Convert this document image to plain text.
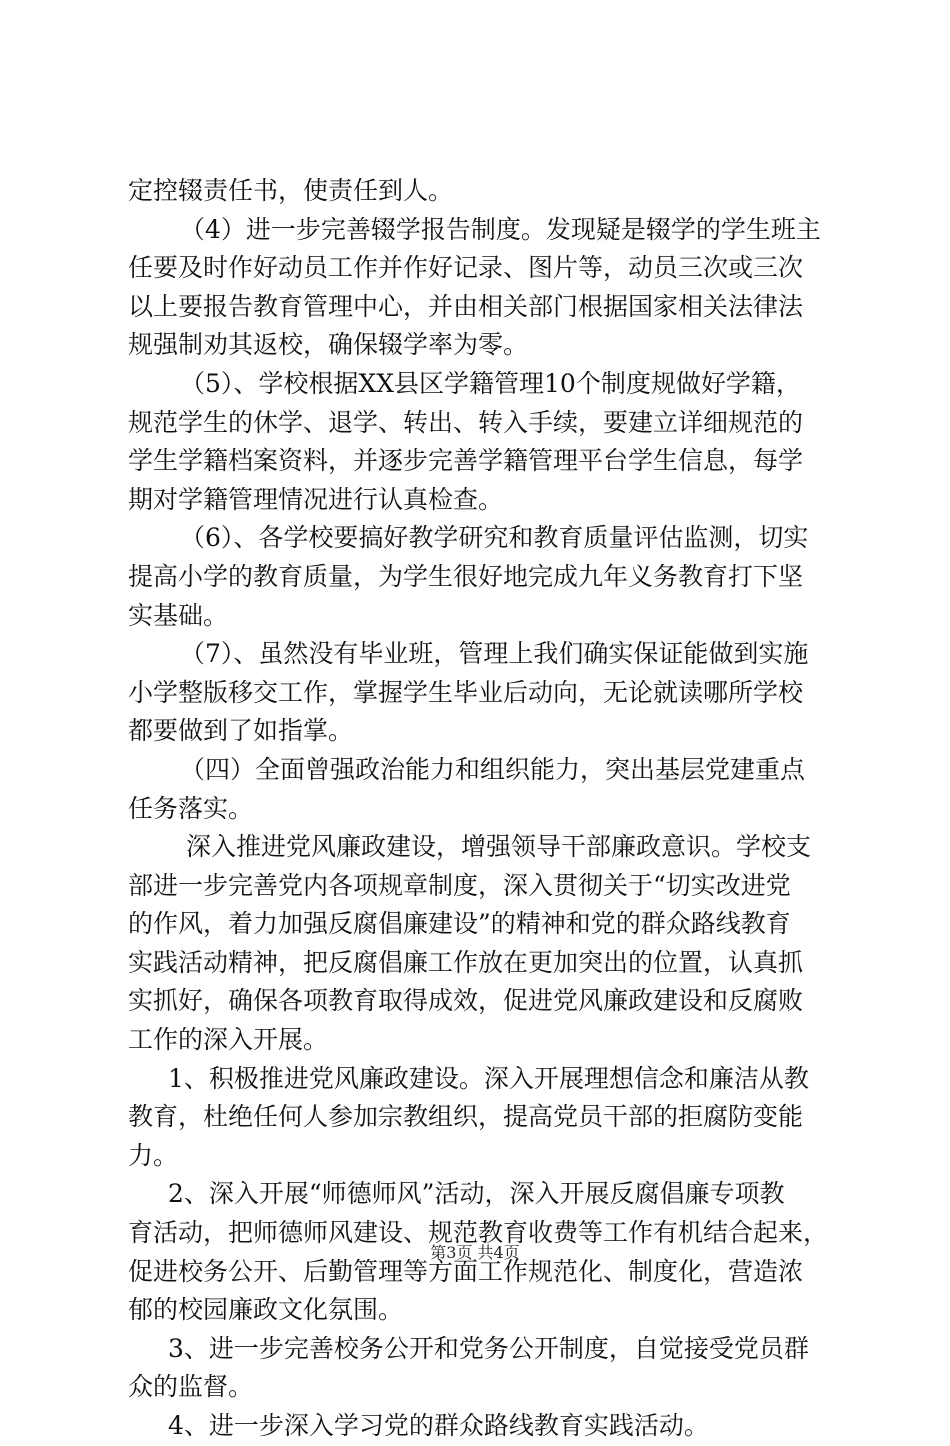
定控辍责任书，使责任到人。
（4）进一步完善辍学报告制度。发现疑是辍学的学生班主
任要及时作好动员工作并作好记录、图片等，动员三次或三次
以上要报告教育管理中心，并由相关部门根据国家相关法律法
规强制劝其返校，确保辍学率为零。
（5）、学校根据XX县区学籍管理10个制度规做好学籍，
规范学生的休学、退学、转出、转入手续，要建立详细规范的
学生学籍档案资料，并逐步完善学籍管理平台学生信息，每学
期对学籍管理情况进行认真检查。
（6）、各学校要搞好教学研究和教育质量评估监测，切实
提高小学的教育质量，为学生很好地完成九年义务教育打下坚
实基础。
（7）、虽然没有毕业班，管理上我们确实保证能做到实施
小学整版移交工作，掌握学生毕业后动向，无论就读哪所学校
都要做到了如指掌。
（四）全面曾强政治能力和组织能力，突出基层党建重点
任务落实。
深入推进党风廉政建设，增强领导干部廉政意识。学校支
部进一步完善党内各项规章制度，深入贯彻关于“切实改进党
的作风，着力加强反腐倡廉建设”的精神和党的群众路线教育
实践活动精神，把反腐倡廉工作放在更加突出的位置，认真抓
实抓好，确保各项教育取得成效，促进党风廉政建设和反腐败
工作的深入开展。
1、积极推进党风廉政建设。深入开展理想信念和廉洁从教
教育，杜绝任何人参加宗教组织，提高党员干部的拒腐防变能
力。
2、深入开展“师德师风”活动，深入开展反腐倡廉专项教
育活动，把师德师风建设、规范教育收费等工作有机结合起来，
促进校务公开、后勤管理等方面工作规范化、制度化，营造浓
郁的校园廉政文化氛围。
3、进一步完善校务公开和党务公开制度，自觉接受党员群
众的监督。
4、进一步深入学习党的群众路线教育实践活动。
第3页 共4页
